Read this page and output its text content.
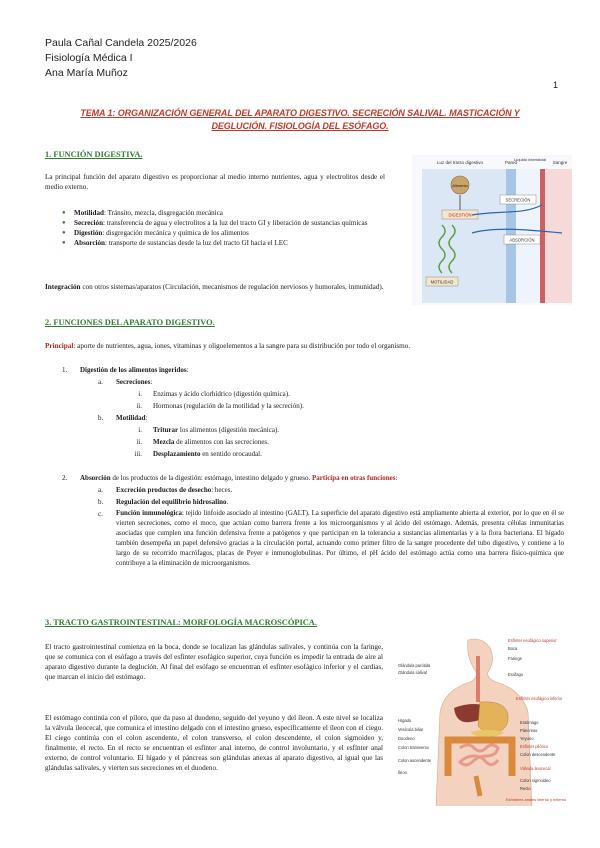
Paula Cañal Candela 2025/2026
Fisiología Médica I
Ana María Muñoz
1
TEMA 1: ORGANIZACIÓN GENERAL DEL APARATO DIGESTIVO. SECRECIÓN SALIVAL. MASTICACIÓN Y
DEGLUCIÓN. FISIOLOGÍA DEL ESÓFAGO.
1. FUNCIÓN DIGESTIVA.
La principal función del aparato digestivo es proporcionar al medio interno nutrientes, agua y electrolitos desde el medio externo.
● Motilidad: Tránsito, mezcla, disgregación mecánica
● Secreción: transferencia de agua y electrolitos a la luz del tracto GI y liberación de sustancias químicas
● Digestión: disgregación mecánica y química de los alimentos
● Absorción: transporte de sustancias desde la luz del tracto GI hacia el LEC
Integración con otros sistemas/aparatos (Circulación, mecanismos de regulación nerviosos y humorales, inmunidad).
Luz del tracto digestivo	Pared
Líquido intersticial
Sangre
Alimento
DIGESTIÓN
SECRECIÓN
ABSORCIÓN
MOTILIDAD
2. FUNCIONES DEL APARATO DIGESTIVO.
Principal: aporte de nutrientes, agua, iones, vitaminas y oligoelementos a la sangre para su distribución por todo el organismo.
1. Digestión de los alimentos ingeridos:
a. Secreciones:
i. Enzimas y ácido clorhídrico (digestión química).
ii. Hormonas (regulación de la motilidad y la secreción).
b. Motilidad:
i. Triturar los alimentos (digestión mecánica).
ii. Mezcla de alimentos con las secreciones.
iii. Desplazamiento en sentido orocaudal.
2. Absorción de los productos de la digestión: estómago, intestino delgado y grueso. Participa en otras funciones:
a. Excreción productos de desecho: heces.
b. Regulación del equilibrio hidrosalino.
c. Función inmunológica: tejido linfoide asociado al intestino (GALT). La superficie del aparato digestivo está ampliamente abierta al exterior, por lo que en él se vierten secreciones, como el moco, que actúan como barrera frente a los microorganismos y al ácido del estómago. Además, presenta células inmunitarias asociadas que cumplen una función defensiva frente a patógenos y que participan en la tolerancia a sustancias alimentarias y a la flora bacteriana. El hígado también desempeña un papel defensivo gracias a la circulación portal, actuando como primer filtro de la sangre procedente del tubo digestivo, y contiene a lo largo de su recorrido macrófagos, placas de Peyer e inmunoglobulinas. Por último, el pH ácido del estómago actúa como una barrera físico-química que contribuye a la eliminación de microorganismos.
3. TRACTO GASTROINTESTINAL: MORFOLOGÍA MACROSCÓPICA.
El tracto gastrointestinal comienza en la boca, donde se localizan las glándulas salivales, y continúa con la faringe, que se comunica con el esófago a través del esfínter esofágico superior, cuya función es impedir la entrada de aire al aparato digestivo durante la deglución. Al final del esófago se encuentran el esfínter esofágico inferior y el cardias, que marcan el inicio del estómago.
El estómago continúa con el píloro, que da paso al duodeno, seguido del yeyuno y del íleon. A este nivel se localiza la válvula ileocecal, que comunica el intestino delgado con el intestino grueso, específicamente el íleon con el ciego. El ciego continúa con el colon ascendente, el colon transverso, el colon descendente, el colon sigmoideo y, finalmente, el recto. En el recto se encuentran el esfínter anal interno, de control involuntario, y el esfínter anal externo, de control voluntario. El hígado y el páncreas son glándulas anexas al aparato digestivo, al igual que las glándulas salivales, y vierten sus secreciones en el duodeno.
Glándula parótida
Glándula salival
Hígado
Vesícula biliar
Duodeno
Colon transverso
Colon ascendente
Íleon
Boca
Faringe
Esófago
Esfínter esofágico superior
Esfínter esofágico inferior
Estómago
Páncreas
Yeyuno
Colon descendente
Esfínter pilórico
Válvula ileocecal
Colon sigmoideo
Recto
Esfínteres anales interno y externo
